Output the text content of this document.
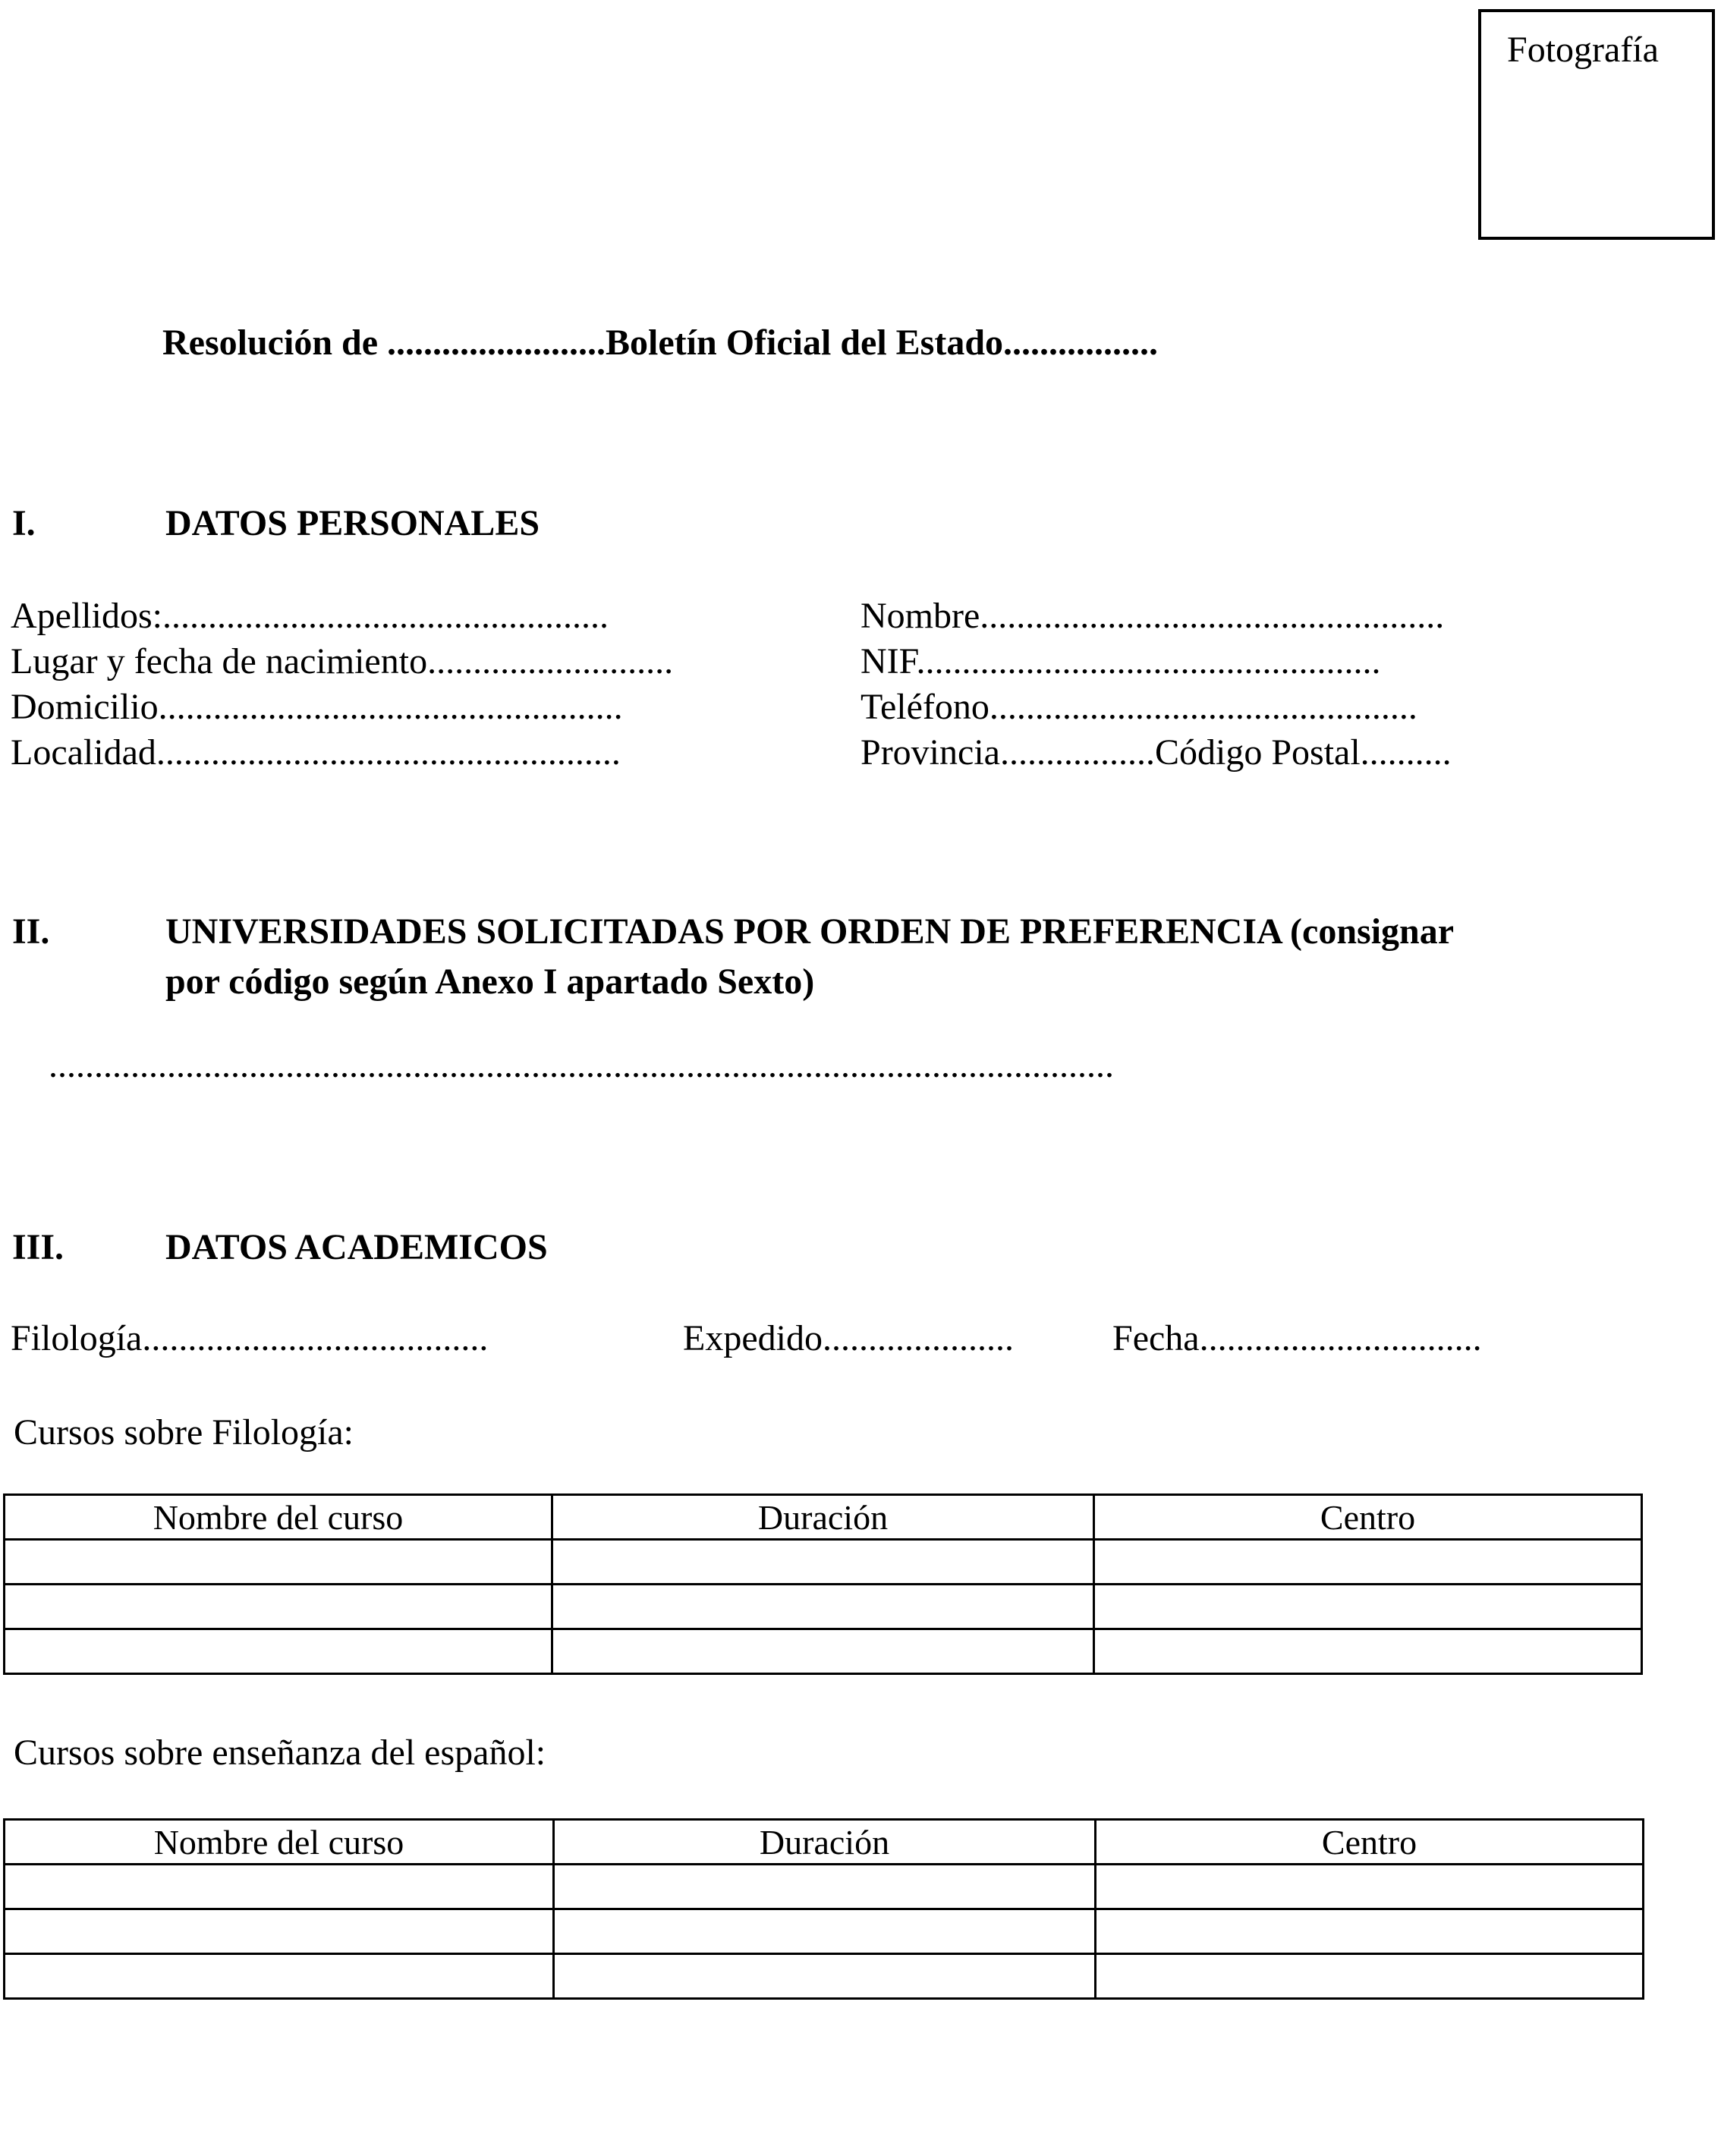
Fotografía
Resolución de ........................Boletín Oficial del Estado.................
I.	DATOS PERSONALES
Apellidos:.................................................	Nombre...................................................
Lugar y fecha de nacimiento...........................	NIF...................................................
Domicilio...................................................	Teléfono...............................................
Localidad...................................................	Provincia.................Código Postal..........
II.	UNIVERSIDADES SOLICITADAS POR ORDEN DE PREFERENCIA (consignar
por código según Anexo I apartado Sexto)
.....................................................................................................................
III.	DATOS ACADEMICOS
Filología......................................	Expedido.....................	Fecha...............................
Cursos sobre Filología:
Nombre del curso	Duración	Centro

Cursos sobre enseñanza del español:
Nombre del curso	Duración	Centro
